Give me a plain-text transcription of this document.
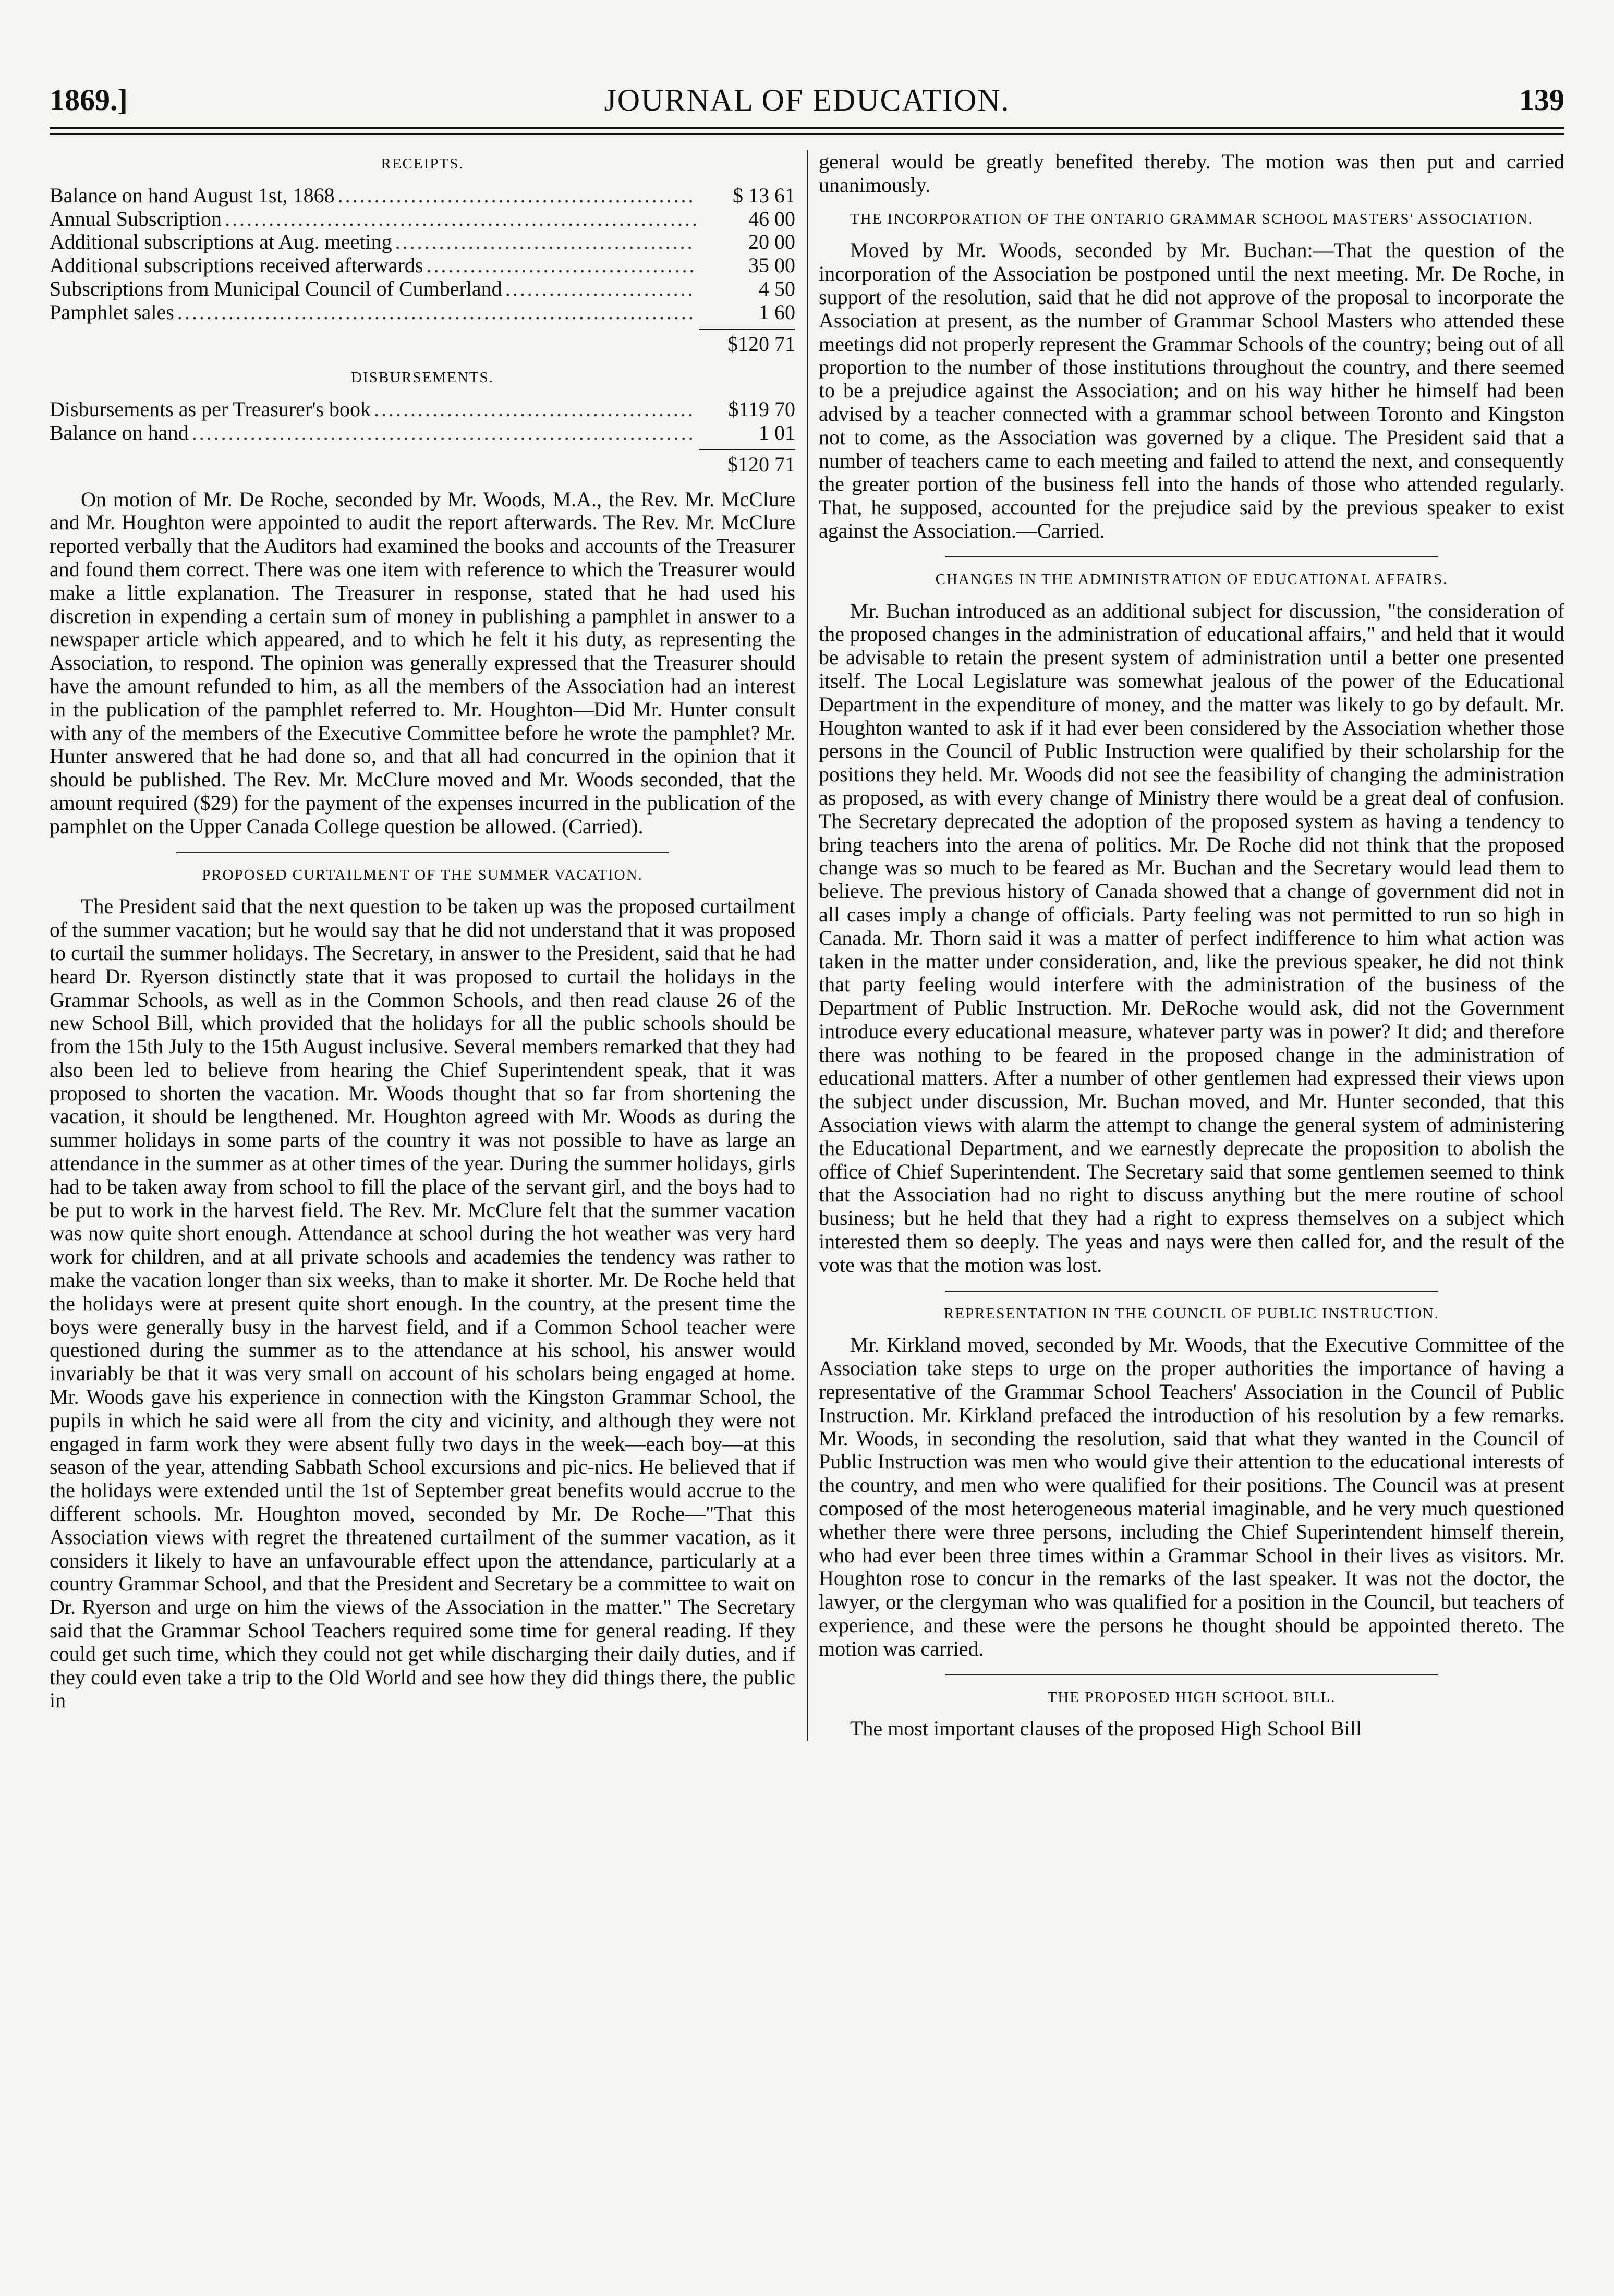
1869.]	JOURNAL OF EDUCATION.	139
RECEIPTS.
Balance on hand August 1st, 1868 .....	$ 13 61
Annual Subscription .....	46 00
Additional subscriptions at Aug. meeting .....	20 00
Additional subscriptions received afterwards .....	35 00
Subscriptions from Municipal Council of Cumberland .....	4 50
Pamphlet sales .....	1 60
$120 71
DISBURSEMENTS.
Disbursements as per Treasurer's book .....	$119 70
Balance on hand .....	1 01
$120 71

On motion of Mr. De Roche, seconded by Mr. Woods, M.A., the Rev. Mr. McClure and Mr. Houghton were appointed to audit the report afterwards. The Rev. Mr. McClure reported verbally that the Auditors had examined the books and accounts of the Treasurer and found them correct. There was one item with reference to which the Treasurer would make a little explanation. The Treasurer in response, stated that he had used his discretion in expending a certain sum of money in publishing a pamphlet in answer to a newspaper article which appeared, and to which he felt it his duty, as representing the Association, to respond. The opinion was generally expressed that the Treasurer should have the amount refunded to him, as all the members of the Association had an interest in the publication of the pamphlet referred to. Mr. Houghton—Did Mr. Hunter consult with any of the members of the Executive Committee before he wrote the pamphlet? Mr. Hunter answered that he had done so, and that all had concurred in the opinion that it should be published. The Rev. Mr. McClure moved and Mr. Woods seconded, that the amount required ($29) for the payment of the expenses incurred in the publication of the pamphlet on the Upper Canada College question be allowed. (Carried).

PROPOSED CURTAILMENT OF THE SUMMER VACATION.

The President said that the next question to be taken up was the proposed curtailment of the summer vacation; but he would say that he did not understand that it was proposed to curtail the summer holidays. The Secretary, in answer to the President, said that he had heard Dr. Ryerson distinctly state that it was proposed to curtail the holidays in the Grammar Schools, as well as in the Common Schools, and then read clause 26 of the new School Bill, which provided that the holidays for all the public schools should be from the 15th July to the 15th August inclusive. Several members remarked that they had also been led to believe from hearing the Chief Superintendent speak, that it was proposed to shorten the vacation. Mr. Woods thought that so far from shortening the vacation, it should be lengthened. Mr. Houghton agreed with Mr. Woods as during the summer holidays in some parts of the country it was not possible to have as large an attendance in the summer as at other times of the year. During the summer holidays, girls had to be taken away from school to fill the place of the servant girl, and the boys had to be put to work in the harvest field. The Rev. Mr. McClure felt that the summer vacation was now quite short enough. Attendance at school during the hot weather was very hard work for children, and at all private schools and academies the tendency was rather to make the vacation longer than six weeks, than to make it shorter. Mr. De Roche held that the holidays were at present quite short enough. In the country, at the present time the boys were generally busy in the harvest field, and if a Common School teacher were questioned during the summer as to the attendance at his school, his answer would invariably be that it was very small on account of his scholars being engaged at home. Mr. Woods gave his experience in connection with the Kingston Grammar School, the pupils in which he said were all from the city and vicinity, and although they were not engaged in farm work they were absent fully two days in the week—each boy—at this season of the year, attending Sabbath School excursions and pic-nics. He believed that if the holidays were extended until the 1st of September great benefits would accrue to the different schools. Mr. Houghton moved, seconded by Mr. De Roche—"That this Association views with regret the threatened curtailment of the summer vacation, as it considers it likely to have an unfavourable effect upon the attendance, particularly at a country Grammar School, and that the President and Secretary be a committee to wait on Dr. Ryerson and urge on him the views of the Association in the matter." The Secretary said that the Grammar School Teachers required some time for general reading. If they could get such time, which they could not get while discharging their daily duties, and if they could even take a trip to the Old World and see how they did things there, the public in

general would be greatly benefited thereby. The motion was then put and carried unanimously.

THE INCORPORATION OF THE ONTARIO GRAMMAR SCHOOL MASTERS' ASSOCIATION.

Moved by Mr. Woods, seconded by Mr. Buchan:—That the question of the incorporation of the Association be postponed until the next meeting. Mr. De Roche, in support of the resolution, said that he did not approve of the proposal to incorporate the Association at present, as the number of Grammar School Masters who attended these meetings did not properly represent the Grammar Schools of the country; being out of all proportion to the number of those institutions throughout the country, and there seemed to be a prejudice against the Association; and on his way hither he himself had been advised by a teacher connected with a grammar school between Toronto and Kingston not to come, as the Association was governed by a clique. The President said that a number of teachers came to each meeting and failed to attend the next, and consequently the greater portion of the business fell into the hands of those who attended regularly. That, he supposed, accounted for the prejudice said by the previous speaker to exist against the Association.—Carried.

CHANGES IN THE ADMINISTRATION OF EDUCATIONAL AFFAIRS.

Mr. Buchan introduced as an additional subject for discussion, "the consideration of the proposed changes in the administration of educational affairs," and held that it would be advisable to retain the present system of administration until a better one presented itself. The Local Legislature was somewhat jealous of the power of the Educational Department in the expenditure of money, and the matter was likely to go by default. Mr. Houghton wanted to ask if it had ever been considered by the Association whether those persons in the Council of Public Instruction were qualified by their scholarship for the positions they held. Mr. Woods did not see the feasibility of changing the administration as proposed, as with every change of Ministry there would be a great deal of confusion. The Secretary deprecated the adoption of the proposed system as having a tendency to bring teachers into the arena of politics. Mr. De Roche did not think that the proposed change was so much to be feared as Mr. Buchan and the Secretary would lead them to believe. The previous history of Canada showed that a change of government did not in all cases imply a change of officials. Party feeling was not permitted to run so high in Canada. Mr. Thorn said it was a matter of perfect indifference to him what action was taken in the matter under consideration, and, like the previous speaker, he did not think that party feeling would interfere with the administration of the business of the Department of Public Instruction. Mr. DeRoche would ask, did not the Government introduce every educational measure, whatever party was in power? It did; and therefore there was nothing to be feared in the proposed change in the administration of educational matters. After a number of other gentlemen had expressed their views upon the subject under discussion, Mr. Buchan moved, and Mr. Hunter seconded, that this Association views with alarm the attempt to change the general system of administering the Educational Department, and we earnestly deprecate the proposition to abolish the office of Chief Superintendent. The Secretary said that some gentlemen seemed to think that the Association had no right to discuss anything but the mere routine of school business; but he held that they had a right to express themselves on a subject which interested them so deeply. The yeas and nays were then called for, and the result of the vote was that the motion was lost.

REPRESENTATION IN THE COUNCIL OF PUBLIC INSTRUCTION.

Mr. Kirkland moved, seconded by Mr. Woods, that the Executive Committee of the Association take steps to urge on the proper authorities the importance of having a representative of the Grammar School Teachers' Association in the Council of Public Instruction. Mr. Kirkland prefaced the introduction of his resolution by a few remarks. Mr. Woods, in seconding the resolution, said that what they wanted in the Council of Public Instruction was men who would give their attention to the educational interests of the country, and men who were qualified for their positions. The Council was at present composed of the most heterogeneous material imaginable, and he very much questioned whether there were three persons, including the Chief Superintendent himself therein, who had ever been three times within a Grammar School in their lives as visitors. Mr. Houghton rose to concur in the remarks of the last speaker. It was not the doctor, the lawyer, or the clergyman who was qualified for a position in the Council, but teachers of experience, and these were the persons he thought should be appointed thereto. The motion was carried.

THE PROPOSED HIGH SCHOOL BILL.

The most important clauses of the proposed High School Bill
